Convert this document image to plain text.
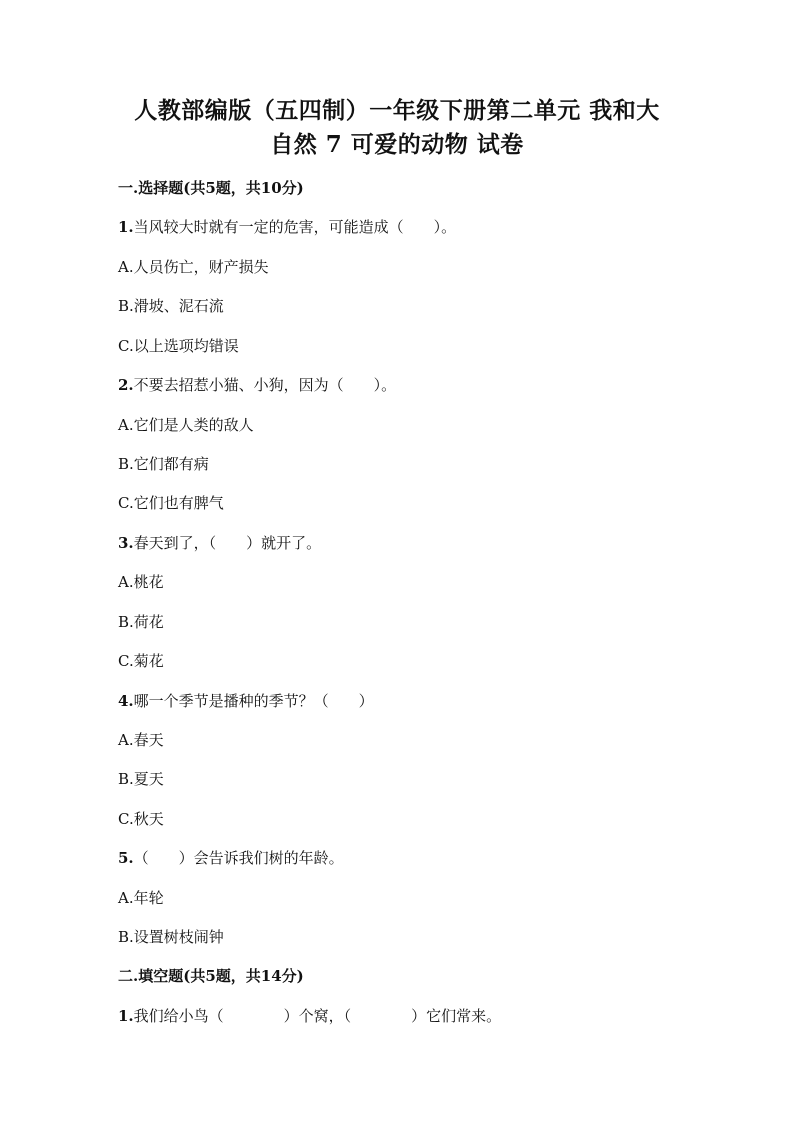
人教部编版（五四制）一年级下册第二单元 我和大
自然 7 可爱的动物 试卷
一.选择题(共5题，共10分)
1.当风较大时就有一定的危害，可能造成（　　）。
A.人员伤亡，财产损失
B.滑坡、泥石流
C.以上选项均错误
2.不要去招惹小猫、小狗，因为（　　）。
A.它们是人类的敌人
B.它们都有病
C.它们也有脾气
3.春天到了，（　　）就开了。
A.桃花
B.荷花
C.菊花
4.哪一个季节是播种的季节？（　　）
A.春天
B.夏天
C.秋天
5.（　　）会告诉我们树的年龄。
A.年轮
B.设置树枝闹钟
二.填空题(共5题，共14分)
1.我们给小鸟（　　　　）个窝，（　　　　）它们常来。
